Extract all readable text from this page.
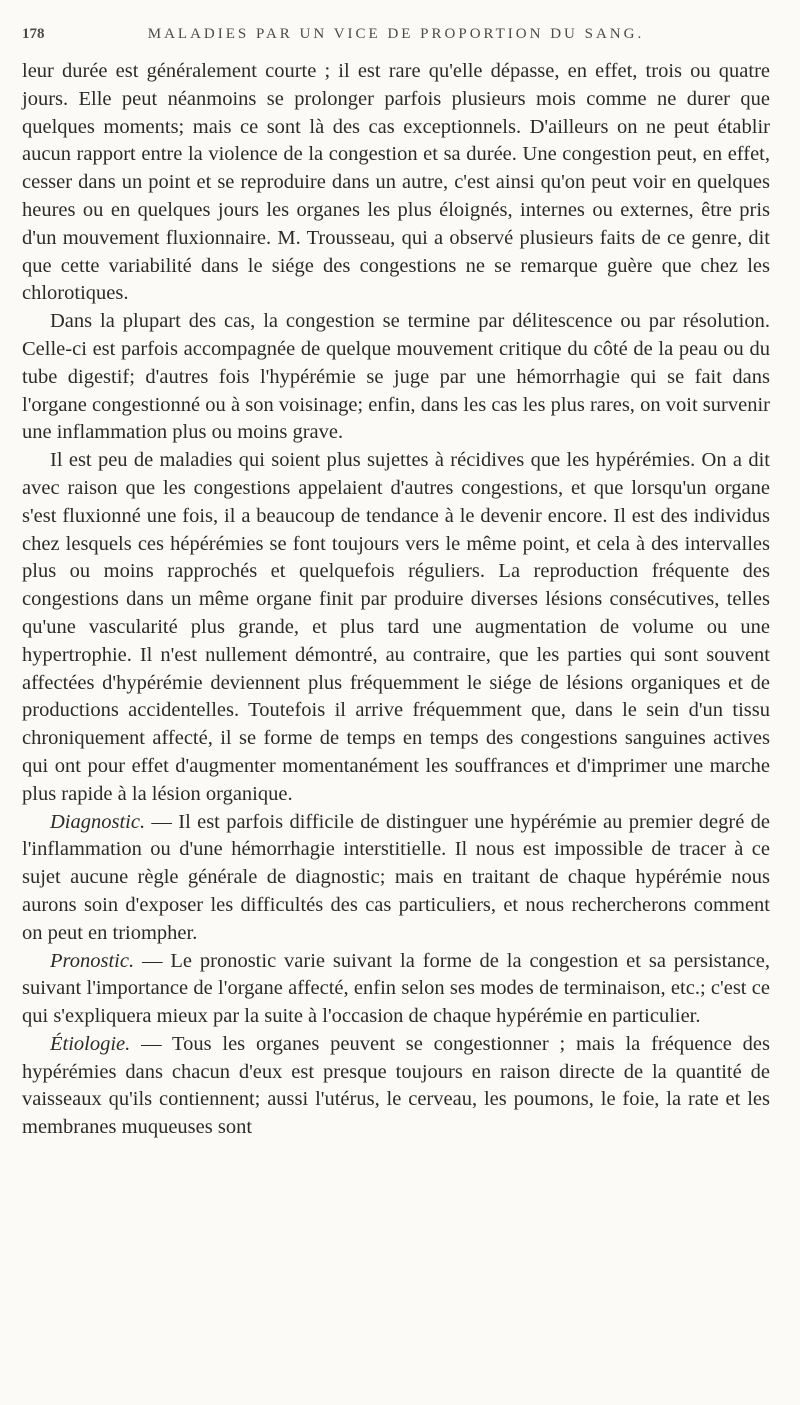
178	MALADIES PAR UN VICE DE PROPORTION DU SANG.

leur durée est généralement courte ; il est rare qu'elle dépasse, en effet, trois ou quatre jours. Elle peut néanmoins se prolonger parfois plusieurs mois comme ne durer que quelques moments; mais ce sont là des cas exceptionnels. D'ailleurs on ne peut établir aucun rapport entre la violence de la congestion et sa durée. Une congestion peut, en effet, cesser dans un point et se reproduire dans un autre, c'est ainsi qu'on peut voir en quelques heures ou en quelques jours les organes les plus éloignés, internes ou externes, être pris d'un mouvement fluxionnaire. M. Trousseau, qui a observé plusieurs faits de ce genre, dit que cette variabilité dans le siége des congestions ne se remarque guère que chez les chlorotiques.

Dans la plupart des cas, la congestion se termine par délitescence ou par résolution. Celle-ci est parfois accompagnée de quelque mouvement critique du côté de la peau ou du tube digestif; d'autres fois l'hypérémie se juge par une hémorrhagie qui se fait dans l'organe congestionné ou à son voisinage; enfin, dans les cas les plus rares, on voit survenir une inflammation plus ou moins grave.

Il est peu de maladies qui soient plus sujettes à récidives que les hypérémies. On a dit avec raison que les congestions appelaient d'autres congestions, et que lorsqu'un organe s'est fluxionné une fois, il a beaucoup de tendance à le devenir encore. Il est des individus chez lesquels ces hépérémies se font toujours vers le même point, et cela à des intervalles plus ou moins rapprochés et quelquefois réguliers. La reproduction fréquente des congestions dans un même organe finit par produire diverses lésions consécutives, telles qu'une vascularité plus grande, et plus tard une augmentation de volume ou une hypertrophie. Il n'est nullement démontré, au contraire, que les parties qui sont souvent affectées d'hypérémie deviennent plus fréquemment le siége de lésions organiques et de productions accidentelles. Toutefois il arrive fréquemment que, dans le sein d'un tissu chroniquement affecté, il se forme de temps en temps des congestions sanguines actives qui ont pour effet d'augmenter momentanément les souffrances et d'imprimer une marche plus rapide à la lésion organique.

Diagnostic. — Il est parfois difficile de distinguer une hypérémie au premier degré de l'inflammation ou d'une hémorrhagie interstitielle. Il nous est impossible de tracer à ce sujet aucune règle générale de diagnostic; mais en traitant de chaque hypérémie nous aurons soin d'exposer les difficultés des cas particuliers, et nous rechercherons comment on peut en triompher.

Pronostic. — Le pronostic varie suivant la forme de la congestion et sa persistance, suivant l'importance de l'organe affecté, enfin selon ses modes de terminaison, etc.; c'est ce qui s'expliquera mieux par la suite à l'occasion de chaque hypérémie en particulier.

Étiologie. — Tous les organes peuvent se congestionner ; mais la fréquence des hypérémies dans chacun d'eux est presque toujours en raison directe de la quantité de vaisseaux qu'ils contiennent; aussi l'utérus, le cerveau, les poumons, le foie, la rate et les membranes muqueuses sont
